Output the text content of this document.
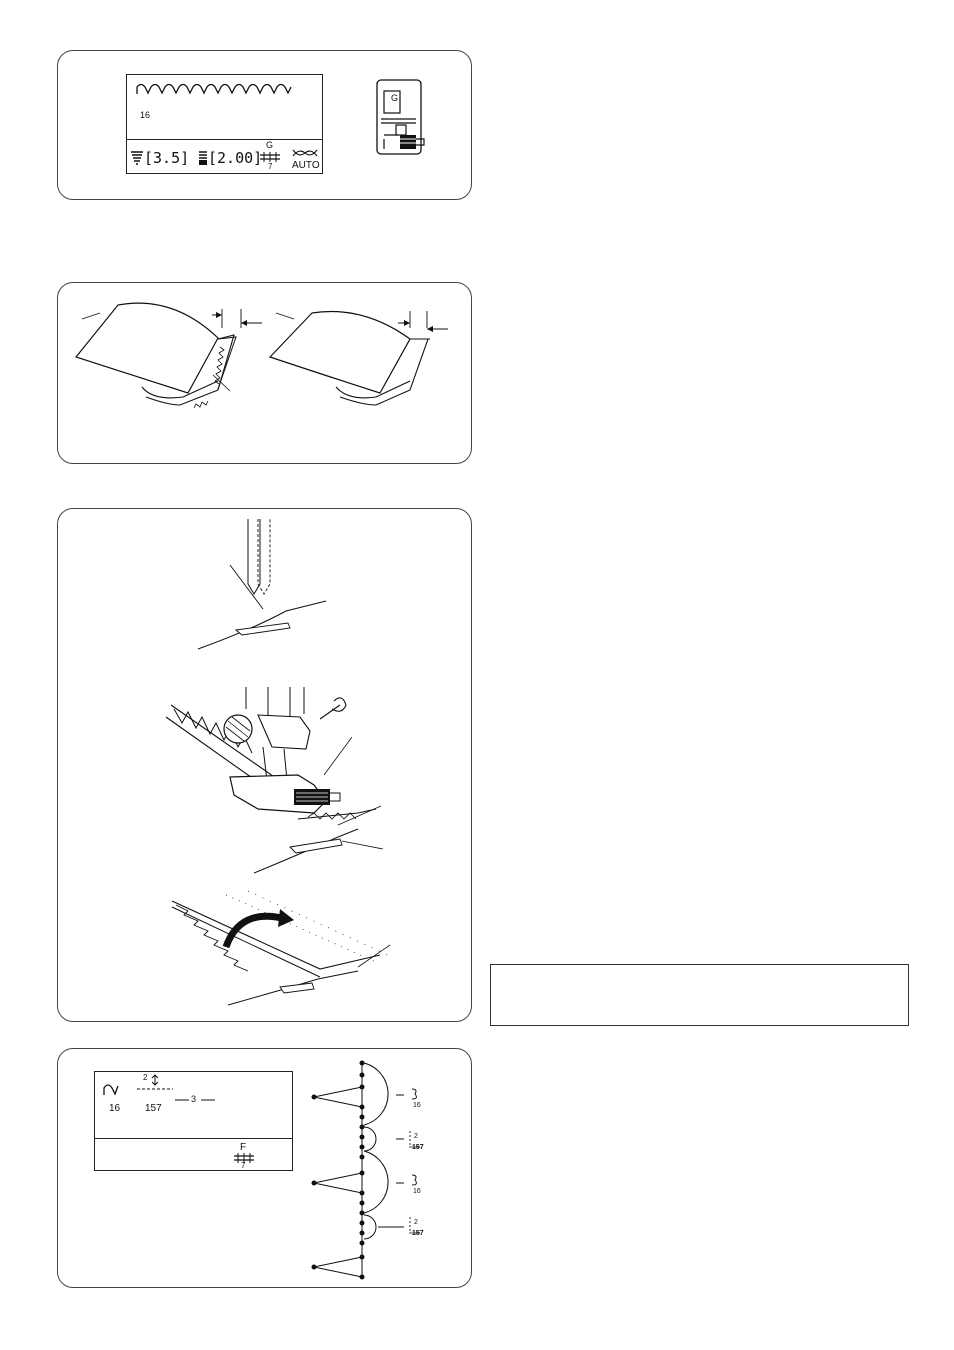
16
[3.5] [2.00]
G
7 AUTO
G
2
3
16 157
F
7
16
2
157
16
2
157
